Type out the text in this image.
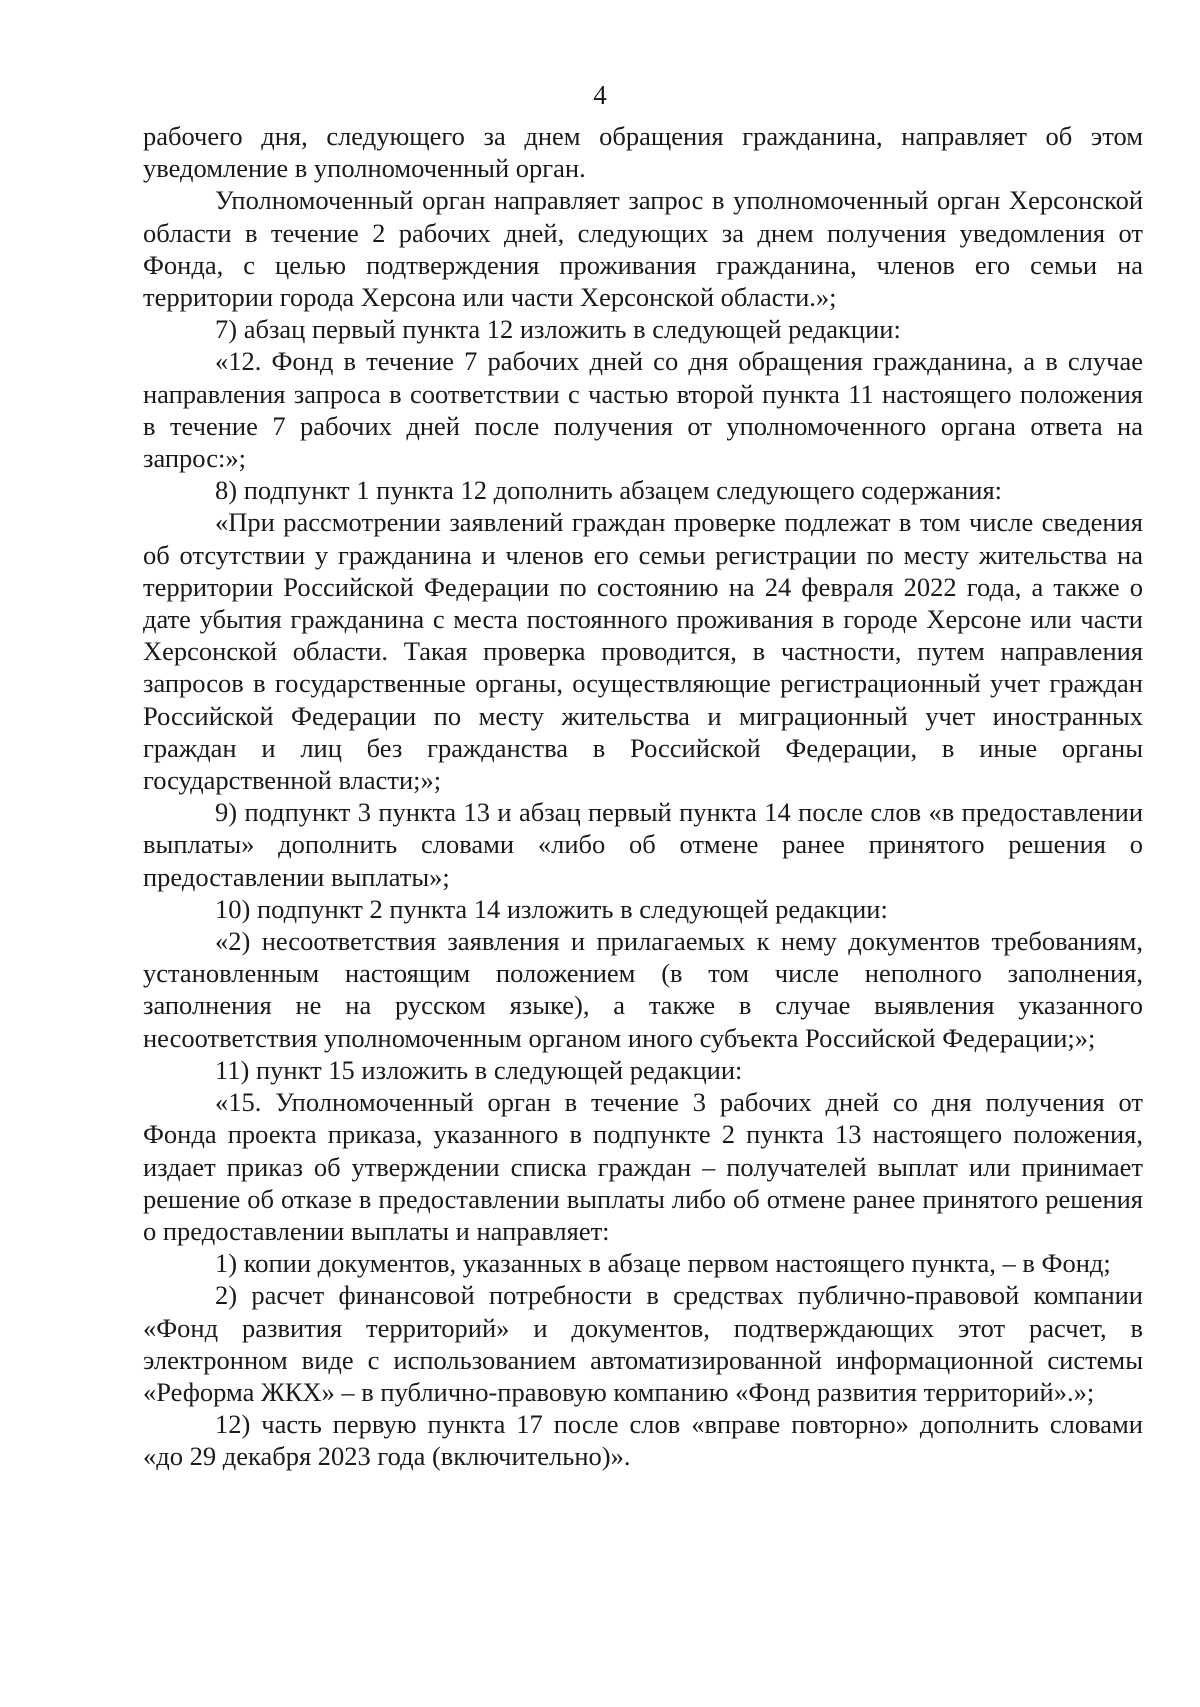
4

рабочего дня, следующего за днем обращения гражданина, направляет об этом уведомление в уполномоченный орган.

Уполномоченный орган направляет запрос в уполномоченный орган Херсонской области в течение 2 рабочих дней, следующих за днем получения уведомления от Фонда, с целью подтверждения проживания гражданина, членов его семьи на территории города Херсона или части Херсонской области.»;

7) абзац первый пункта 12 изложить в следующей редакции:

«12. Фонд в течение 7 рабочих дней со дня обращения гражданина, а в случае направления запроса в соответствии с частью второй пункта 11 настоящего положения в течение 7 рабочих дней после получения от уполномоченного органа ответа на запрос:»;

8) подпункт 1 пункта 12 дополнить абзацем следующего содержания:

«При рассмотрении заявлений граждан проверке подлежат в том числе сведения об отсутствии у гражданина и членов его семьи регистрации по месту жительства на территории Российской Федерации по состоянию на 24 февраля 2022 года, а также о дате убытия гражданина с места постоянного проживания в городе Херсоне или части Херсонской области. Такая проверка проводится, в частности, путем направления запросов в государственные органы, осуществляющие регистрационный учет граждан Российской Федерации по месту жительства и миграционный учет иностранных граждан и лиц без гражданства в Российской Федерации, в иные органы государственной власти;»;

9) подпункт 3 пункта 13 и абзац первый пункта 14 после слов «в предоставлении выплаты» дополнить словами «либо об отмене ранее принятого решения о предоставлении выплаты»;

10) подпункт 2 пункта 14 изложить в следующей редакции:

«2) несоответствия заявления и прилагаемых к нему документов требованиям, установленным настоящим положением (в том числе неполного заполнения, заполнения не на русском языке), а также в случае выявления указанного несоответствия уполномоченным органом иного субъекта Российской Федерации;»;

11) пункт 15 изложить в следующей редакции:

«15. Уполномоченный орган в течение 3 рабочих дней со дня получения от Фонда проекта приказа, указанного в подпункте 2 пункта 13 настоящего положения, издает приказ об утверждении списка граждан – получателей выплат или принимает решение об отказе в предоставлении выплаты либо об отмене ранее принятого решения о предоставлении выплаты и направляет:

1) копии документов, указанных в абзаце первом настоящего пункта, – в Фонд;

2) расчет финансовой потребности в средствах публично-правовой компании «Фонд развития территорий» и документов, подтверждающих этот расчет, в электронном виде с использованием автоматизированной информационной системы «Реформа ЖКХ» – в публично-правовую компанию «Фонд развития территорий».»;

12) часть первую пункта 17 после слов «вправе повторно» дополнить словами «до 29 декабря 2023 года (включительно)».
